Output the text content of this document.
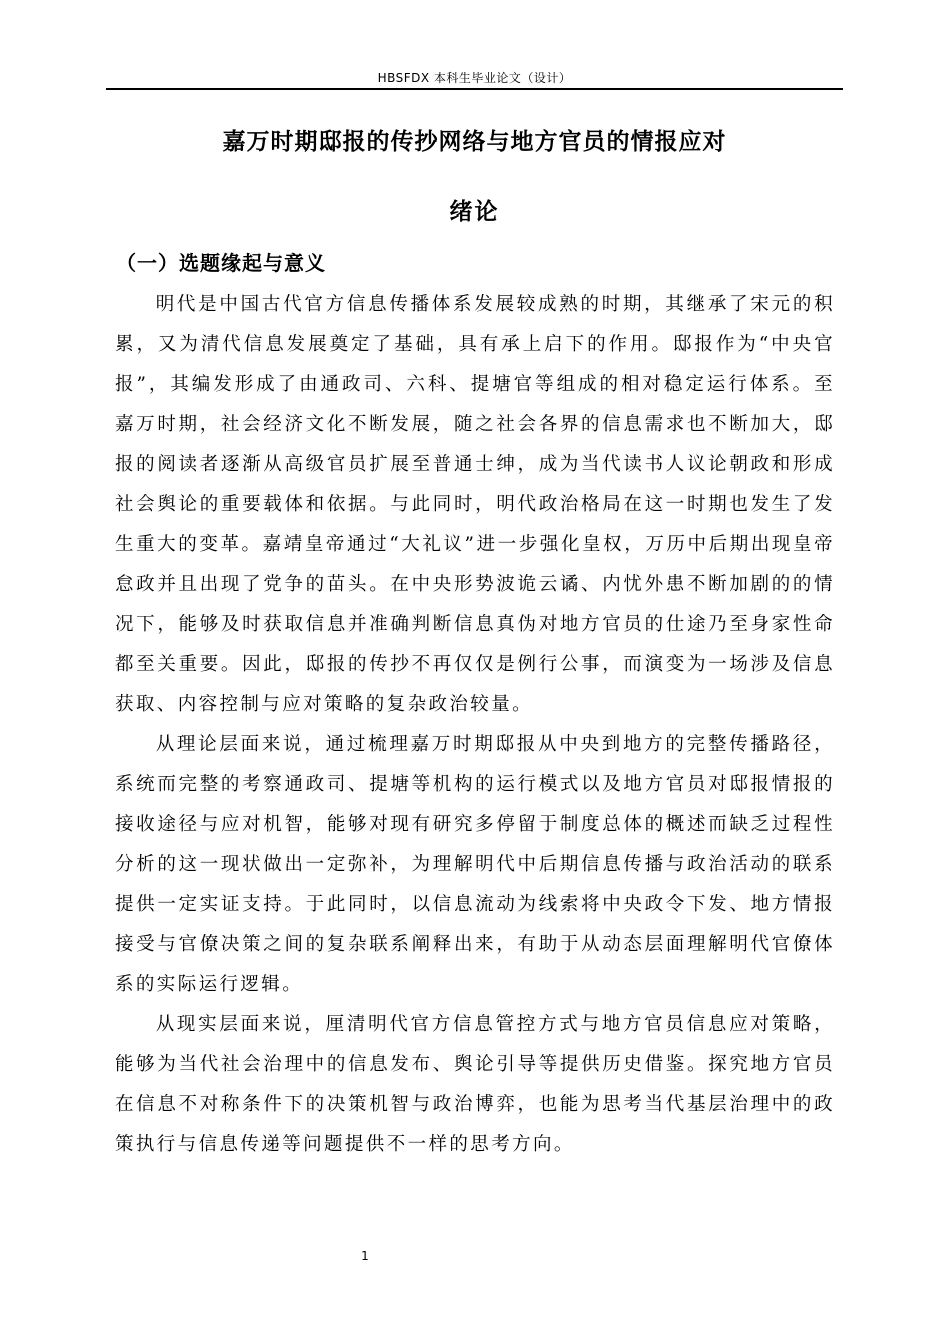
HBSFDX 本科生毕业论文（设计）
嘉万时期邸报的传抄网络与地方官员的情报应对
绪论
（一）选题缘起与意义

明代是中国古代官方信息传播体系发展较成熟的时期，其继承了宋元的积累，又为清代信息发展奠定了基础，具有承上启下的作用。邸报作为“中央官报”，其编发形成了由通政司、六科、提塘官等组成的相对稳定运行体系。至嘉万时期，社会经济文化不断发展，随之社会各界的信息需求也不断加大，邸报的阅读者逐渐从高级官员扩展至普通士绅，成为当代读书人议论朝政和形成社会舆论的重要载体和依据。与此同时，明代政治格局在这一时期也发生了发生重大的变革。嘉靖皇帝通过“大礼议”进一步强化皇权，万历中后期出现皇帝怠政并且出现了党争的苗头。在中央形势波诡云谲、内忧外患不断加剧的的情况下，能够及时获取信息并准确判断信息真伪对地方官员的仕途乃至身家性命都至关重要。因此，邸报的传抄不再仅仅是例行公事，而演变为一场涉及信息获取、内容控制与应对策略的复杂政治较量。

从理论层面来说，通过梳理嘉万时期邸报从中央到地方的完整传播路径，系统而完整的考察通政司、提塘等机构的运行模式以及地方官员对邸报情报的接收途径与应对机智，能够对现有研究多停留于制度总体的概述而缺乏过程性分析的这一现状做出一定弥补，为理解明代中后期信息传播与政治活动的联系提供一定实证支持。于此同时，以信息流动为线索将中央政令下发、地方情报接受与官僚决策之间的复杂联系阐释出来，有助于从动态层面理解明代官僚体系的实际运行逻辑。

从现实层面来说，厘清明代官方信息管控方式与地方官员信息应对策略，能够为当代社会治理中的信息发布、舆论引导等提供历史借鉴。探究地方官员在信息不对称条件下的决策机智与政治博弈，也能为思考当代基层治理中的政策执行与信息传递等问题提供不一样的思考方向。

1
